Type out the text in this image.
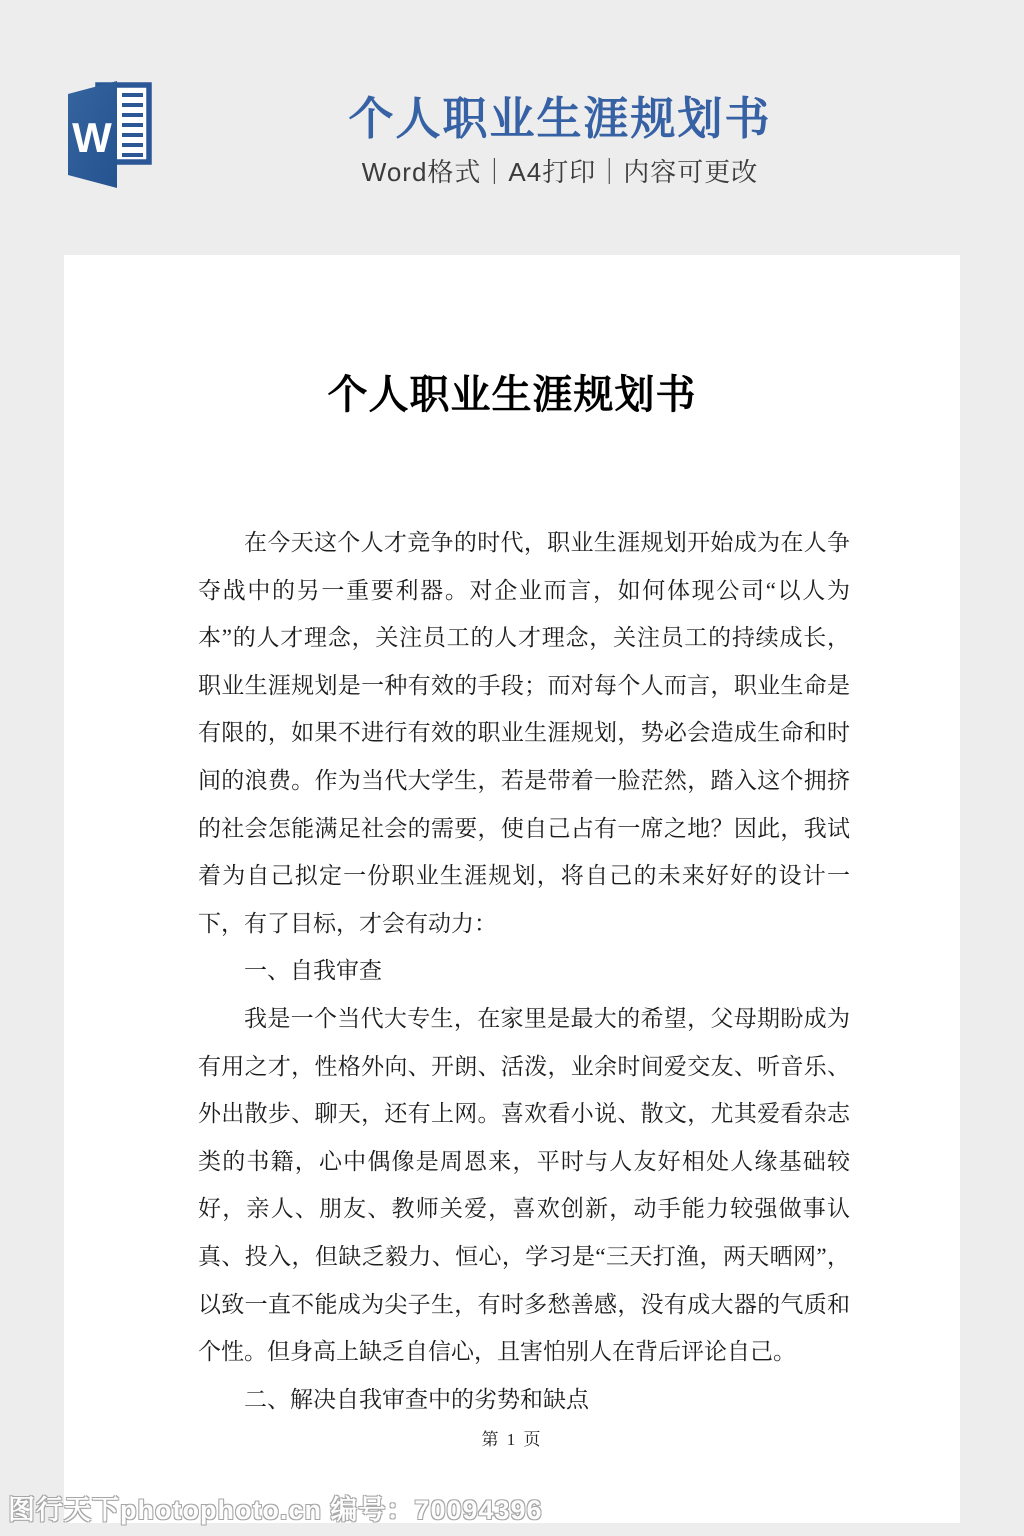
W	个人职业生涯规划书
Word格式｜A4打印｜内容可更改
个人职业生涯规划书

在今天这个人才竞争的时代，职业生涯规划开始成为在人争夺战中的另一重要利器。对企业而言，如何体现公司“以人为本”的人才理念，关注员工的人才理念，关注员工的持续成长，职业生涯规划是一种有效的手段；而对每个人而言，职业生命是有限的，如果不进行有效的职业生涯规划，势必会造成生命和时间的浪费。作为当代大学生，若是带着一脸茫然，踏入这个拥挤的社会怎能满足社会的需要，使自己占有一席之地？因此，我试着为自己拟定一份职业生涯规划，将自己的未来好好的设计一下，有了目标，才会有动力：

一、自我审查

我是一个当代大专生，在家里是最大的希望，父母期盼成为有用之才，性格外向、开朗、活泼，业余时间爱交友、听音乐、外出散步、聊天，还有上网。喜欢看小说、散文，尤其爱看杂志类的书籍，心中偶像是周恩来，平时与人友好相处人缘基础较好，亲人、朋友、教师关爱，喜欢创新，动手能力较强做事认真、投入，但缺乏毅力、恒心，学习是“三天打渔，两天晒网”，以致一直不能成为尖子生，有时多愁善感，没有成大器的气质和个性。但身高上缺乏自信心，且害怕别人在背后评论自己。

二、解决自我审查中的劣势和缺点

第 1 页
图行天下photophoto.cn 编号：70094396
